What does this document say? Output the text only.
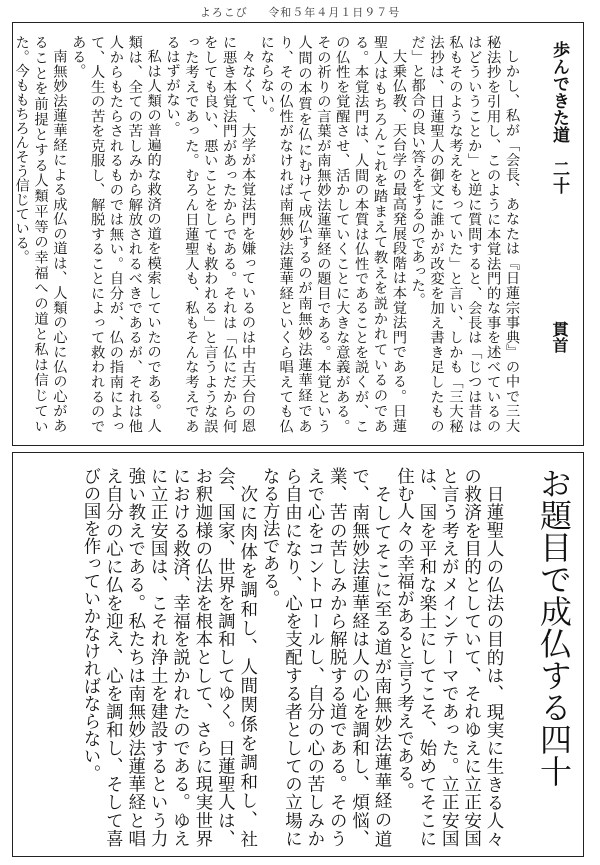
よろこび 令和５年４月１日９７号
歩んできた道　二十
貫首

しかし、私が「会長、あなたは『日蓮宗事典』の中で三大秘法抄を引用し、このように本覚法門的な事を述べているのはどういうことか」と逆に質問すると、会長は「じつは昔は私もそのような考えをもっていた」と言い、しかも「三大秘法抄は、日蓮聖人の御文に誰かが改変を加え書き足したものだ」と都合の良い答えをするのであった。

大乗仏教、天台学の最高発展段階は本覚法門である。日蓮聖人はもちろんこれを踏まえて教えを説かれているのである。本覚法門は、人間の本質は仏性であることを説くが、この仏性を覚醒させ、活かしていくことに大きな意義がある。その祈りの言葉が南無妙法蓮華経の題目である。本覚という人間の本質を仏にむけて成仏するのが南無妙法蓮華経であり、その仏性がなければ南無妙法蓮華経といくら唱えても仏にならない。

々なくて、大学が本覚法門を嫌っているのは中古天台の恩に悪き本覚法門があったからである。それは「仏にだから何をしても良い、悪いことをしても救われる」と言うような誤った考えであった。むろん日蓮聖人も、私もそんな考えであるはずがない。

私は人類の普遍的な救済の道を模索していたのである。人類は、全ての苦しみから解放されるべきであるが、それは他人からもたらされるものでは無い。自分が、仏の指南によって、人生の苦を克服し、解脱することによって救われるのである。

南無妙法蓮華経による成仏の道は、人類の心に仏の心があることを前提とする人類平等の幸福への道と私は信じていた。今ももちろんそう信じている。

お題目で成仏する四十

日蓮聖人の仏法の目的は、現実に生きる人々の救済を目的としていて、それゆえに立正安国と言う考えがメインテーマであった。立正安国は、国を平和な楽土にしてこそ、始めてそこに住む人々の幸福があると言う考えである。

そしてそこに至る道が南無妙法蓮華経の道で、南無妙法蓮華経は人の心を調和し、煩悩、業、苦の苦しみから解脱する道である。そのうえで心をコントロールし、自分の心の苦しみから自由になり、心を支配する者としての立場になる方法である。

次に肉体を調和し、人間関係を調和し、社会、国家、世界を調和してゆく。日蓮聖人は、お釈迦様の仏法を根本として、さらに現実世界における救済、幸福を説かれたのである。ゆえに立正安国は、こそれ浄土を建設するという力強い教えである。私たちは南無妙法蓮華経と唱え自分の心に仏を迎え、心を調和し、そして喜びの国を作っていかなければならない。
